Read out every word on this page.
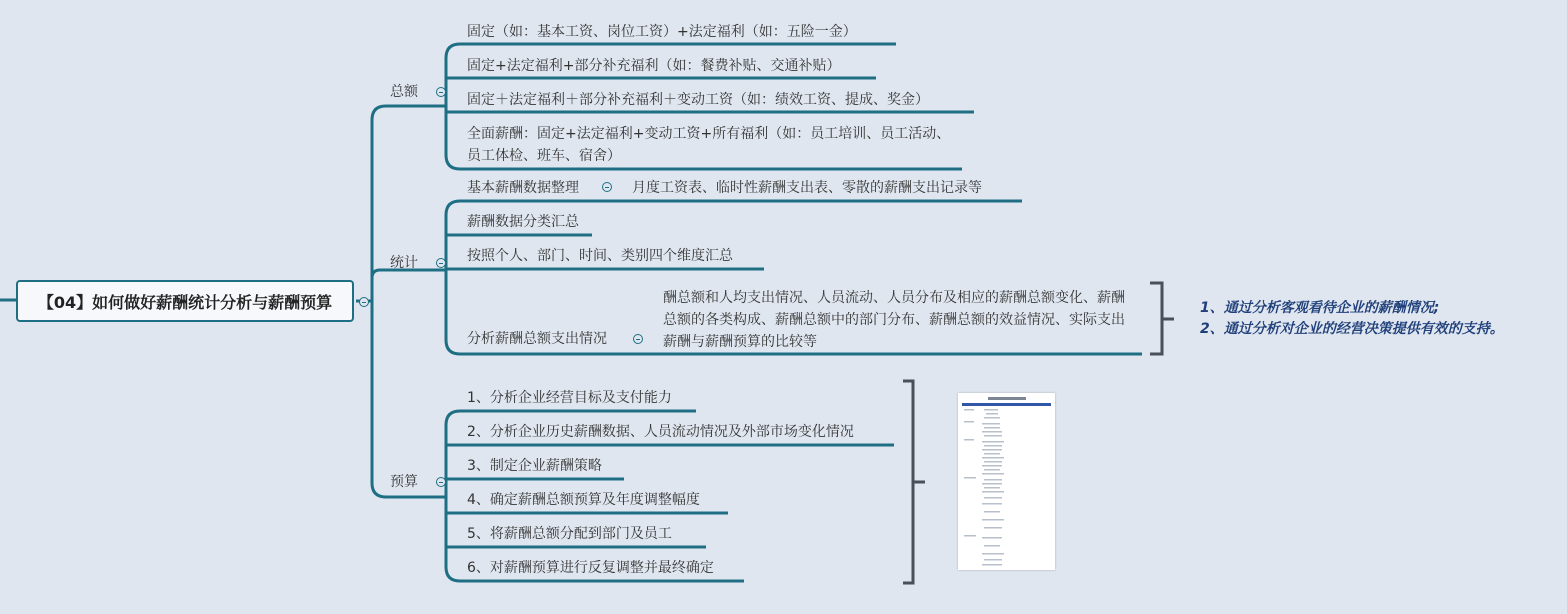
【04】如何做好薪酬统计分析与薪酬预算
总额
固定（如：基本工资、岗位工资）+法定福利（如：五险一金）
固定+法定福利+部分补充福利（如：餐费补贴、交通补贴）
固定＋法定福利＋部分补充福利＋变动工资（如：绩效工资、提成、奖金）
全面薪酬：固定+法定福利+变动工资+所有福利（如：员工培训、员工活动、员工体检、班车、宿舍）
统计
基本薪酬数据整理	月度工资表、临时性薪酬支出表、零散的薪酬支出记录等
薪酬数据分类汇总
按照个人、部门、时间、类别四个维度汇总
分析薪酬总额支出情况
酬总额和人均支出情况、人员流动、人员分布及相应的薪酬总额变化、薪酬总额的各类构成、薪酬总额中的部门分布、薪酬总额的效益情况、实际支出薪酬与薪酬预算的比较等
预算
1、分析企业经营目标及支付能力
2、分析企业历史薪酬数据、人员流动情况及外部市场变化情况
3、制定企业薪酬策略
4、确定薪酬总额预算及年度调整幅度
5、将薪酬总额分配到部门及员工
6、对薪酬预算进行反复调整并最终确定
1、通过分析客观看待企业的薪酬情况;
2、通过分析对企业的经营决策提供有效的支持。
